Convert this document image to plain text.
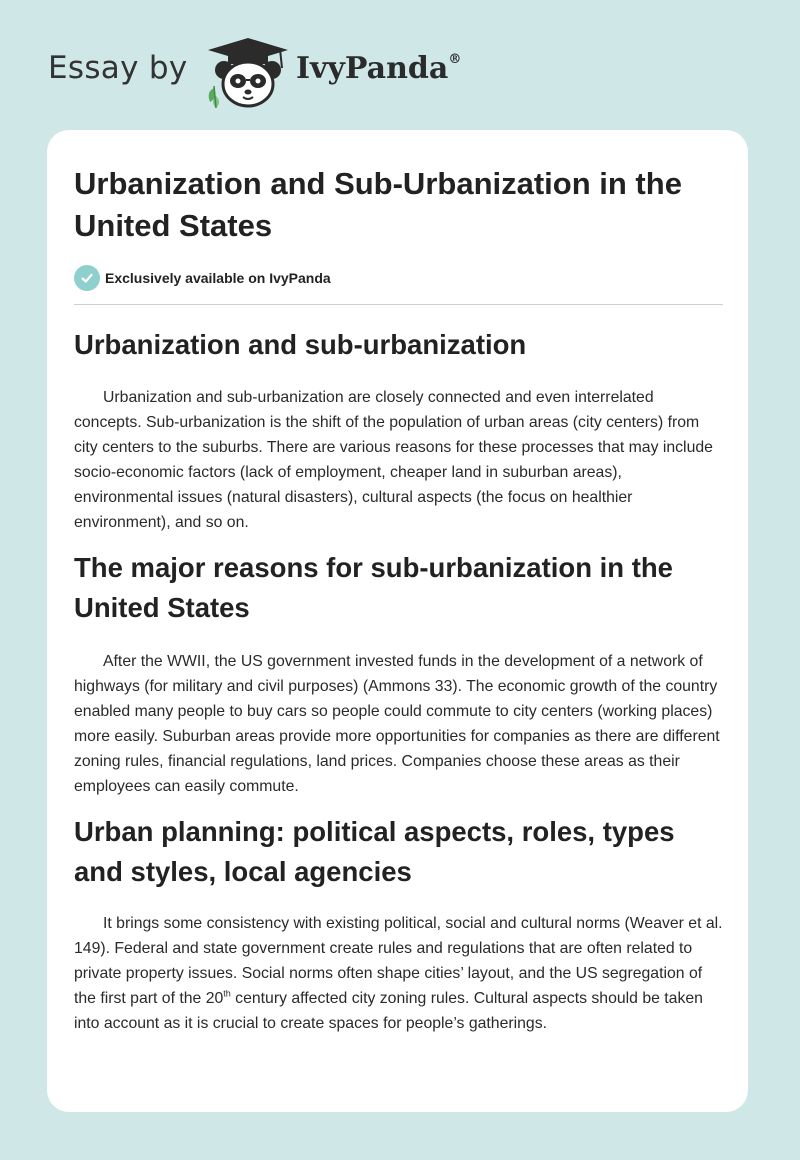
Essay by	IvyPanda®
Urbanization and Sub-Urbanization in the United States
Exclusively available on IvyPanda
Urbanization and sub-urbanization

Urbanization and sub-urbanization are closely connected and even interrelated concepts. Sub-urbanization is the shift of the population of urban areas (city centers) from city centers to the suburbs. There are various reasons for these processes that may include socio-economic factors (lack of employment, cheaper land in suburban areas), environmental issues (natural disasters), cultural aspects (the focus on healthier environment), and so on.

The major reasons for sub-urbanization in the United States

After the WWII, the US government invested funds in the development of a network of highways (for military and civil purposes) (Ammons 33). The economic growth of the country enabled many people to buy cars so people could commute to city centers (working places) more easily. Suburban areas provide more opportunities for companies as there are different zoning rules, financial regulations, land prices. Companies choose these areas as their employees can easily commute.

Urban planning: political aspects, roles, types and styles, local agencies

It brings some consistency with existing political, social and cultural norms (Weaver et al. 149). Federal and state government create rules and regulations that are often related to private property issues. Social norms often shape cities’ layout, and the US segregation of the first part of the 20th century affected city zoning rules. Cultural aspects should be taken into account as it is crucial to create spaces for people’s gatherings.
